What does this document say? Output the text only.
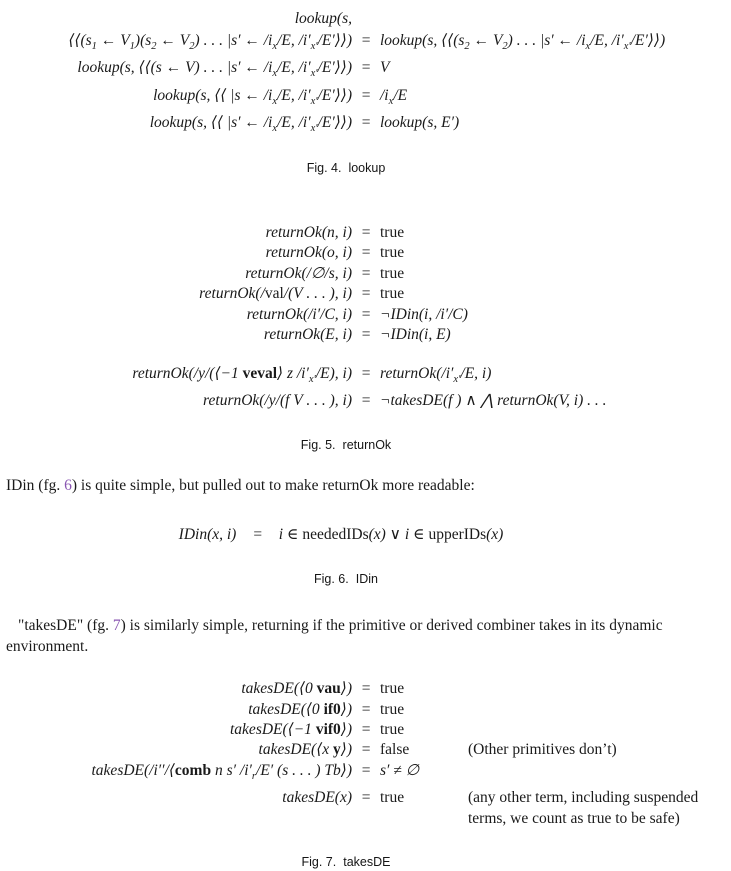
lookup(s,
$⟨⟨(s_1$ ← $V_1)(s_2$ ← $V_2$) . . . |s′ ← $/i_x/E$, $/i'_{x'}/E'⟩⟩$) = lookup(s, $⟨⟨(s_2$ ← $V_2$) . . . |s′ ← $/i_x/E$, $/i'_{x'}/E'⟩⟩$)
lookup(s, ⟨⟨(s ← V) . . . |s′ ← $/i_x/E$, $/i'_{x'}/E'⟩⟩) = V$
lookup(s, ⟨⟨ |s ← $/i_x/E$, $/i'_{x'}/E'⟩⟩) = /i_x/E$
lookup(s, ⟨⟨ |s′ ← $/i_x/E$, $/i'_{x'}/E'⟩⟩$) = lookup(s, E′)
Fig. 4. lookup
returnOk(n, i) = true
returnOk(o, i) = true
returnOk(/∅/s, i) = true
returnOk(/val/(V . . . ), i) = true
returnOk(/i′/C, i) = ¬IDin(i, /i′/C)
returnOk(E, i) = ¬IDin(i, E)
returnOk(/y/(⟨−1 veval⟩ z $/i'_{x'}/E$), $i) = returnOk(/i'_{x'}/E$, i)
returnOk(/y/(f V . . . ), i) = ¬takesDE(f ) ∧ ⋀ returnOk(V, i) . . .
Fig. 5. returnOk

IDin (fg. 6) is quite simple, but pulled out to make returnOk more readable:

IDin(x, i) = i ∈ neededIDs(x) ∨ i ∈ upperIDs(x)
Fig. 6. IDin

"takesDE" (fg. 7) is similarly simple, returning if the primitive or derived combiner takes in its dynamic environment.

takesDE(⟨0 vau⟩) = true
takesDE(⟨0 if0⟩) = true
takesDE(⟨−1 vif0⟩) = true
takesDE(⟨x y⟩) = false	(Other primitives don’t)
takesDE(/i′′/⟨comb n s′ $/i'_r/E'$ (s . . . ) Tb⟩) = s′ ≠ ∅
takesDE(x) = true	(any other term, including suspended terms, we count as true to be safe)
Fig. 7. takesDE
